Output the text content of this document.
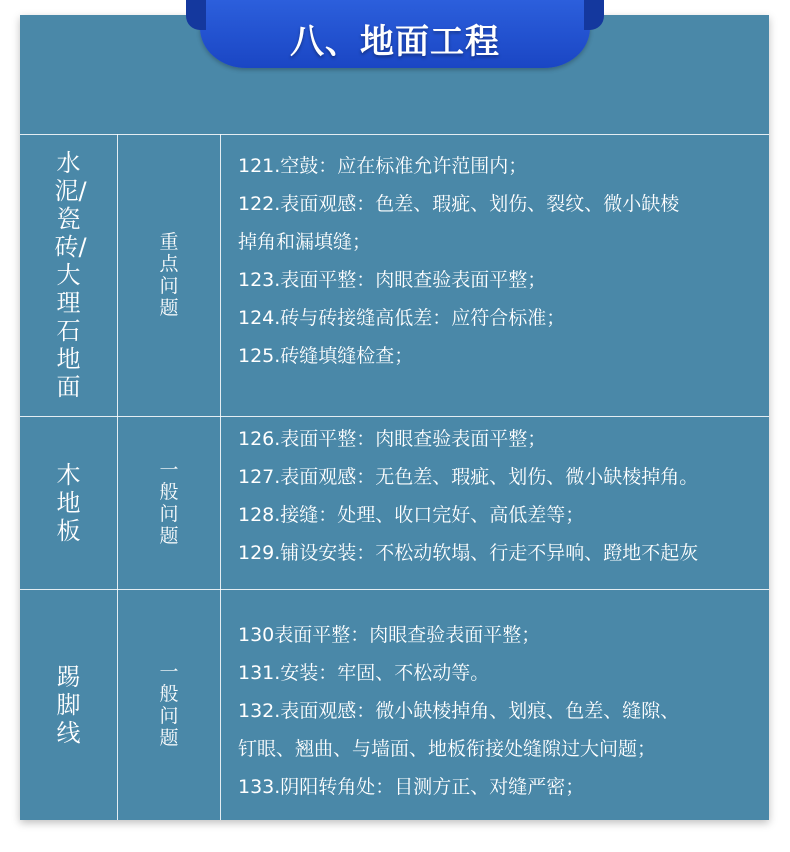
八、地面工程
水泥/瓷砖/大理石地面
重点问题
121.空鼓：应在标准允许范围内；
122.表面观感：色差、瑕疵、划伤、裂纹、微小缺棱
掉角和漏填缝；
123.表面平整：肉眼查验表面平整；
124.砖与砖接缝高低差：应符合标准；
125.砖缝填缝检查；
木地板
一般问题
126.表面平整：肉眼查验表面平整；
127.表面观感：无色差、瑕疵、划伤、微小缺棱掉角。
128.接缝：处理、收口完好、高低差等；
129.铺设安装：不松动软塌、行走不异响、蹬地不起灰
踢脚线
一般问题
130表面平整：肉眼查验表面平整；
131.安装：牢固、不松动等。
132.表面观感：微小缺棱掉角、划痕、色差、缝隙、
钉眼、翘曲、与墙面、地板衔接处缝隙过大问题；
133.阴阳转角处：目测方正、对缝严密；
